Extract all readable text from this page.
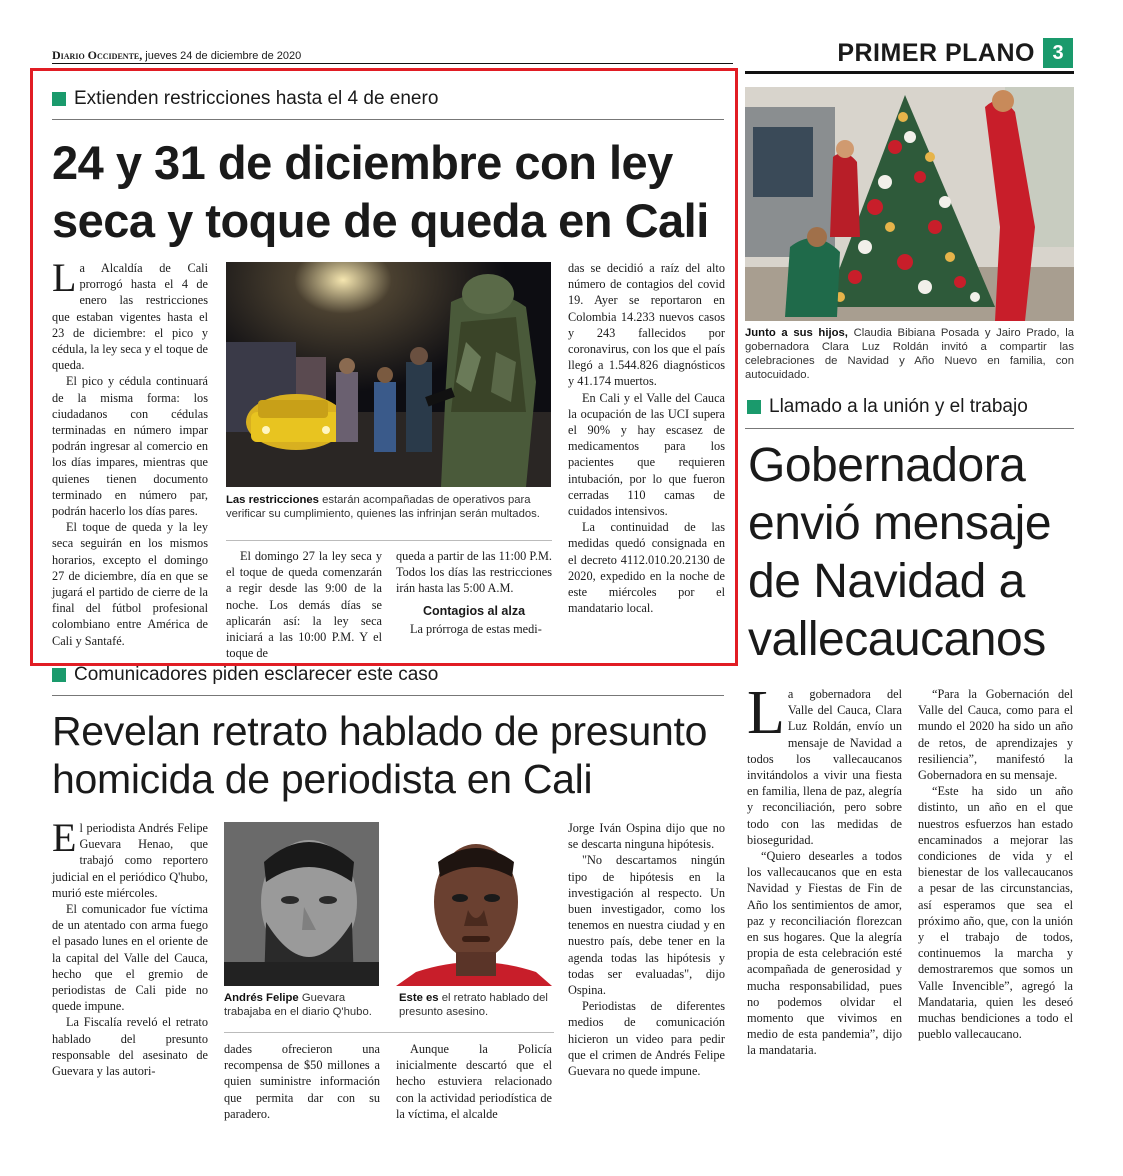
Diario Occidente, jueves 24 de diciembre de 2020	PRIMER PLANO 3
Extienden restricciones hasta el 4 de enero
24 y 31 de diciembre con ley
seca y toque de queda en Cali

La Alcaldía de Cali prorrogó hasta el 4 de enero las restricciones que estaban vigentes hasta el 23 de diciembre: el pico y cédula, la ley seca y el toque de queda.

El pico y cédula continuará de la misma forma: los ciudadanos con cédulas terminadas en número impar podrán ingresar al comercio en los días impares, mientras que quienes tienen documento terminado en número par, podrán hacerlo los días pares.

El toque de queda y la ley seca seguirán en los mismos horarios, excepto el domingo 27 de diciembre, día en que se jugará el partido de cierre de la final del fútbol profesional colombiano entre América de Cali y Santafé.

Las restricciones estarán acompañadas de operativos para verificar su cumplimiento, quienes las infrinjan serán multados.

El domingo 27 la ley seca y el toque de queda comenzarán a regir desde las 9:00 de la noche. Los demás días se aplicarán así: la ley seca iniciará a las 10:00 P.M. Y el toque de

queda a partir de las 11:00 P.M. Todos los días las restricciones irán hasta las 5:00 A.M.

Contagios al alza

La prórroga de estas medi-

das se decidió a raíz del alto número de contagios del covid 19. Ayer se reportaron en Colombia 14.233 nuevos casos y 243 fallecidos por coronavirus, con los que el país llegó a 1.544.826 diagnósticos y 41.174 muertos.

En Cali y el Valle del Cauca la ocupación de las UCI supera el 90% y hay escasez de medicamentos para los pacientes que requieren intubación, por lo que fueron cerradas 110 camas de cuidados intensivos.

La continuidad de las medidas quedó consignada en el decreto 4112.010.20.2130 de 2020, expedido en la noche de este miércoles por el mandatario local.

Junto a sus hijos, Claudia Bibiana Posada y Jairo Prado, la gobernadora Clara Luz Roldán invitó a compartir las celebraciones de Navidad y Año Nuevo en familia, con autocuidado.
Llamado a la unión y el trabajo
Gobernadora
envió mensaje
de Navidad a
vallecaucanos

La gobernadora del Valle del Cauca, Clara Luz Roldán, envío un mensaje de Navidad a todos los vallecaucanos invitándolos a vivir una fiesta en familia, llena de paz, alegría y reconciliación, pero sobre todo con las medidas de bioseguridad.

“Quiero desearles a todos los vallecaucanos que en esta Navidad y Fiestas de Fin de Año los sentimientos de amor, paz y reconciliación florezcan en sus hogares. Que la alegría propia de esta celebración esté acompañada de generosidad y mucha responsabilidad, pues no podemos olvidar el momento que vivimos en medio de esta pandemia”, dijo la mandataria.

“Para la Gobernación del Valle del Cauca, como para el mundo el 2020 ha sido un año de retos, de aprendizajes y resiliencia”, manifestó la Gobernadora en su mensaje.

“Este ha sido un año distinto, un año en el que nuestros esfuerzos han estado encaminados a mejorar las condiciones de vida y el bienestar de los vallecaucanos a pesar de las circunstancias, así esperamos que sea el próximo año, que, con la unión y el trabajo de todos, continuemos la marcha y demostraremos que somos un Valle Invencible”, agregó la Mandataria, quien les deseó muchas bendiciones a todo el pueblo vallecaucano.

Comunicadores piden esclarecer este caso
Revelan retrato hablado de presunto
homicida de periodista en Cali

El periodista Andrés Felipe Guevara Henao, que trabajó como reportero judicial en el periódico Q'hubo, murió este miércoles.

El comunicador fue víctima de un atentado con arma fuego el pasado lunes en el oriente de la capital del Valle del Cauca, hecho que el gremio de periodistas de Cali pide no quede impune.

La Fiscalía reveló el retrato hablado del presunto responsable del asesinato de Guevara y las autori-

Andrés Felipe Guevara trabajaba en el diario Q'hubo.
Este es el retrato hablado del presunto asesino.

dades ofrecieron una recompensa de $50 millones a quien suministre información que permita dar con su paradero.

Aunque la Policía inicialmente descartó que el hecho estuviera relacionado con la actividad periodística de la víctima, el alcalde

Jorge Iván Ospina dijo que no se descarta ninguna hipótesis.

"No descartamos ningún tipo de hipótesis en la investigación al respecto. Un buen investigador, como los tenemos en nuestra ciudad y en nuestro país, debe tener en la agenda todas las hipótesis y todas ser evaluadas", dijo Ospina.

Periodistas de diferentes medios de comunicación hicieron un video para pedir que el crimen de Andrés Felipe Guevara no quede impune.
